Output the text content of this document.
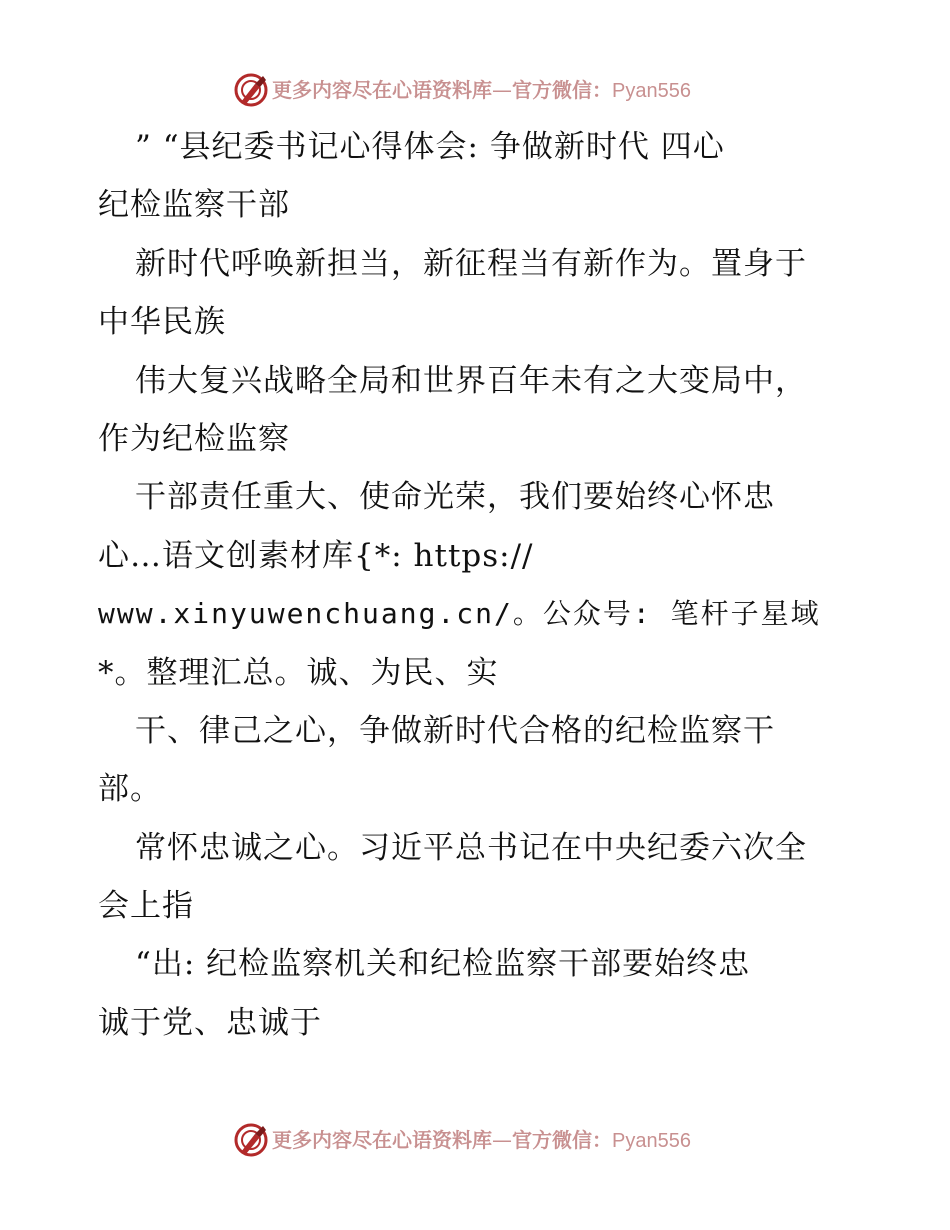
更多内容尽在心语资料库—官方微信：Pyan556
” “县纪委书记心得体会: 争做新时代 四心
纪检监察干部
新时代呼唤新担当，新征程当有新作为。置身于
中华民族
伟大复兴战略全局和世界百年未有之大变局中，
作为纪检监察
干部责任重大、使命光荣，我们要始终心怀忠
心…语文创素材库{*: https://
www.xinyuwenchuang.cn/。公众号: 笔杆子星域
*。整理汇总。诚、为民、实
干、律己之心，争做新时代合格的纪检监察干
部。
常怀忠诚之心。习近平总书记在中央纪委六次全
会上指
“出: 纪检监察机关和纪检监察干部要始终忠
诚于党、忠诚于
更多内容尽在心语资料库—官方微信：Pyan556
